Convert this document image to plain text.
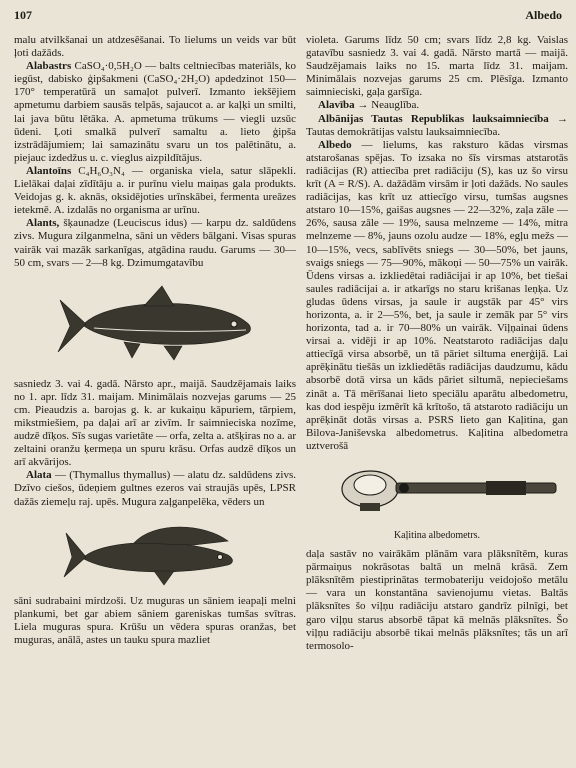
107	Albedo

malu atvilkšanai un atdzesēšanai. To lielums un veids var būt ļoti dažāds.

Alabastrs CaSO₄·0,5H₂O — balts celtniecības materiāls, ko iegūst, dabisko ģipšakmeni (CaSO₄·2H₂O) apdedzinot 150—170° temperatūrā un samaļot pulverī. Izmanto iekšējiem apmetumu darbiem sausās telpās, sajaucot a. ar kaļķi un smilti, lai java būtu lētāka. A. apmetuma trūkums — viegli uzsūc ūdeni. Ļoti smalkā pulverī samaltu a. lieto ģipša izstrādājumiem; lai samazinātu svaru un tos palētinātu, a. piejauc izdedžus u. c. vieglus aizpildītājus.

Alantoīns C₄H₆O₃N₄ — organiska viela, satur slāpekli. Lielākai daļai zīdītāju a. ir purīnu vielu maiņas gala produkts. Veidojas g. k. aknās, oksidējoties urīnskābei, fermenta ureāzes ietekmē. A. izdalās no organisma ar urīnu.

Alants, šķaunadze (Leuciscus idus) — karpu dz. saldūdens zivs. Mugura zilganmelna, sāni un vēders bālgani. Visas spuras vairāk vai mazāk sarkanīgas, atgādina raudu. Garums — 30—50 cm, svars — 2—8 kg. Dzimumgatavību

sasniedz 3. vai 4. gadā. Nārsto apr., maijā. Saudzējamais laiks no 1. apr. līdz 31. maijam. Minimālais nozvejas garums — 25 cm. Pieaudzis a. barojas g. k. ar kukaiņu kāpuriem, tārpiem, mikstmiešiem, pa daļai arī ar zivīm. Ir saimnieciska nozīme, audzē dīķos. Sīs sugas varietāte — orfa, zelta a. atšķiras no a. ar zeltaini oranžu ķermeņa un spuru krāsu. Orfas audzē dīķos un arī akvārijos.

Alata — (Thymallus thymallus) — alatu dz. saldūdens zivs. Dzīvo ciešos, ūdeņiem gultnes ezeros vai straujās upēs, LPSR dažās ziemeļu raj. upēs. Mugura zaļganpelēka, vēders un

sāni sudrabaini mirdzoši. Uz muguras un sāniem ieapaļi melni plankumi, bet gar abiem sāniem gareniskas tumšas svītras. Liela muguras spura. Krūšu un vēdera spuras oranžas, bet muguras, anālā, astes un tauku spura mazliet

violeta. Garums līdz 50 cm; svars līdz 2,8 kg. Vaislas gatavību sasniedz 3. vai 4. gadā. Nārsto martā — maijā. Saudzējamais laiks no 15. marta līdz 31. maijam. Minimālais nozvejas garums 25 cm. Plēsīga. Izmanto saimnieciski, gaļa garšīga.

Alavība → Neauglība.

Albānijas Tautas Republikas lauksaimniecība → Tautas demokrātijas valstu lauksaimniecība.

Albedo — lielums, kas raksturo kādas virsmas atstarošanas spējas. To izsaka no šīs virsmas atstarotās radiācijas (R) attiecība pret radiāciju (S), kas uz šo virsu krīt (A = R/S). A. dažādām virsām ir ļoti dažāds. No saules radiācijas, kas krīt uz attiecīgo virsu, tumšas augsnes atstaro 10—15%, gaišas augsnes — 22—32%, zaļa zāle — 26%, sausa zāle — 19%, sausa melnzeme — 14%, mitra melnzeme — 8%, jauns ozolu audze — 18%, egļu mežs — 10—15%, vecs, sablīvēts sniegs — 30—50%, bet jauns, svaigs sniegs — 75—90%, mākoņi — 50—75% un vairāk. Ūdens virsas a. izkliedētai radiācijai ir ap 10%, bet tiešai saules radiācijai a. ir atkarīgs no staru krišanas leņķa. Uz gludas ūdens virsas, ja saule ir augstāk par 45° virs horizonta, a. ir 2—5%, bet, ja saule ir zemāk par 5° virs horizonta, tad a. ir 70—80% un vairāk. Viļņainai ūdens virsai a. vidēji ir ap 10%. Neatstaroto radiācijas daļu attiecīgā virsa absorbē, un tā pāriet siltuma enerģijā. Lai aprēķinātu tiešās un izkliedētās radiācijas daudzumu, kādu absorbē dotā virsa un kāds pāriet siltumā, nepieciešams zināt a. Tā mērīšanai lieto speciālu aparātu albedometru, kas dod iespēju izmērīt kā krītošo, tā atstaroto radiāciju un aprēķināt dotās virsas a. PSRS lieto gan Kaļitina, gan Bilova-Janiševska albedometrus. Kaļitina albedometra uztverošā

Kaļitina albedometrs.

daļa sastāv no vairākām plānām vara plāksnītēm, kuras pārmaiņus nokrāsotas baltā un melnā krāsā. Zem plāksnītēm piestiprinātas termobateriju veidojošo metālu — vara un konstantāna savienojumu vietas. Baltās plāksnītes šo viļņu radiāciju atstaro gandrīz pilnīgi, bet garo viļņu starus absorbē tāpat kā melnās plāksnītes. Šo viļņu radiāciju absorbē tikai melnās plāksnītes; tās un arī termosolo-
